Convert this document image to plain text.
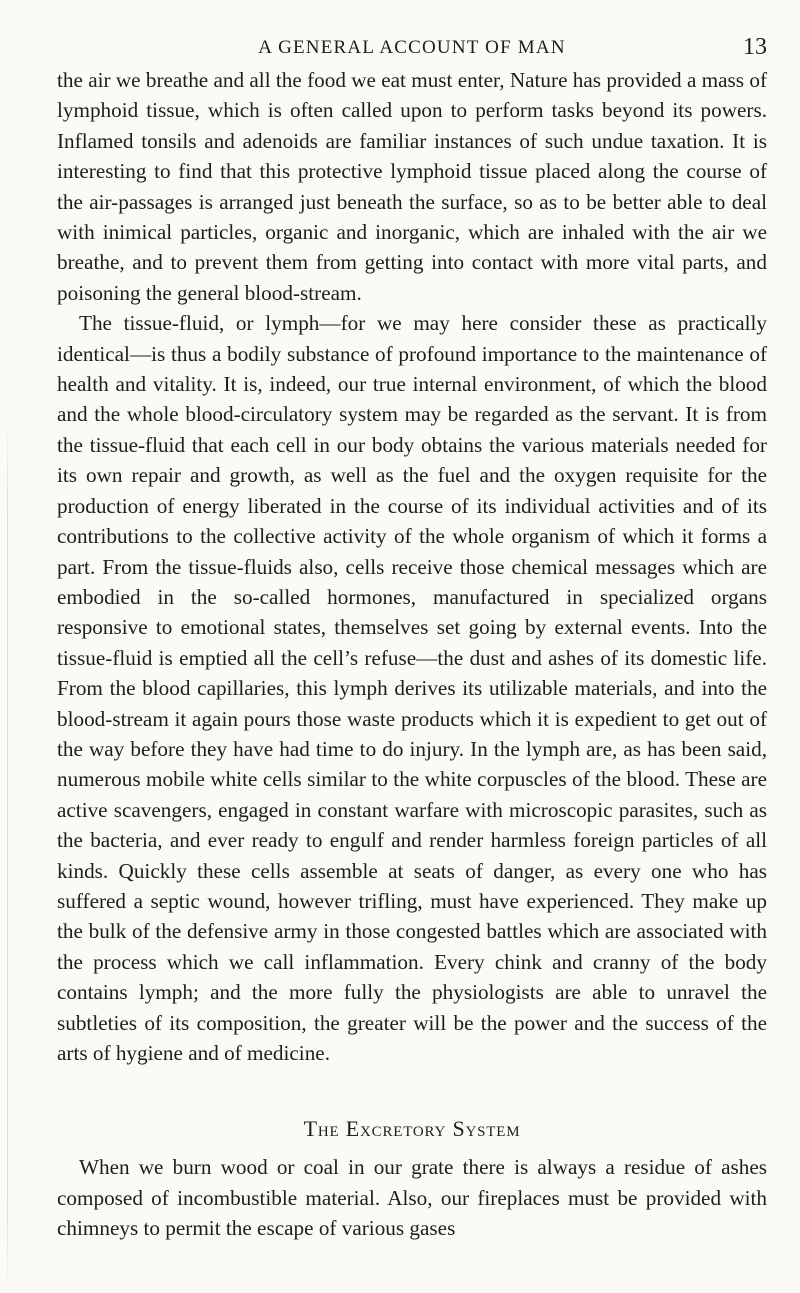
A GENERAL ACCOUNT OF MAN	13

the air we breathe and all the food we eat must enter, Nature has provided a mass of lymphoid tissue, which is often called upon to perform tasks beyond its powers. Inflamed tonsils and adenoids are familiar instances of such undue taxation. It is interesting to find that this protective lymphoid tissue placed along the course of the air-passages is arranged just beneath the surface, so as to be better able to deal with inimical particles, organic and inorganic, which are inhaled with the air we breathe, and to prevent them from getting into contact with more vital parts, and poisoning the general blood-stream.

The tissue-fluid, or lymph—for we may here consider these as practically identical—is thus a bodily substance of profound importance to the maintenance of health and vitality. It is, indeed, our true internal environment, of which the blood and the whole blood-circulatory system may be regarded as the servant. It is from the tissue-fluid that each cell in our body obtains the various materials needed for its own repair and growth, as well as the fuel and the oxygen requisite for the production of energy liberated in the course of its individual activities and of its contributions to the collective activity of the whole organism of which it forms a part. From the tissue-fluids also, cells receive those chemical messages which are embodied in the so-called hormones, manufactured in specialized organs responsive to emotional states, themselves set going by external events. Into the tissue-fluid is emptied all the cell’s refuse—the dust and ashes of its domestic life. From the blood capillaries, this lymph derives its utilizable materials, and into the blood-stream it again pours those waste products which it is expedient to get out of the way before they have had time to do injury. In the lymph are, as has been said, numerous mobile white cells similar to the white corpuscles of the blood. These are active scavengers, engaged in constant warfare with microscopic parasites, such as the bacteria, and ever ready to engulf and render harmless foreign particles of all kinds. Quickly these cells assemble at seats of danger, as every one who has suffered a septic wound, however trifling, must have experienced. They make up the bulk of the defensive army in those congested battles which are associated with the process which we call inflammation. Every chink and cranny of the body contains lymph; and the more fully the physiologists are able to unravel the subtleties of its composition, the greater will be the power and the success of the arts of hygiene and of medicine.

The Excretory System

When we burn wood or coal in our grate there is always a residue of ashes composed of incombustible material. Also, our fireplaces must be provided with chimneys to permit the escape of various gases
